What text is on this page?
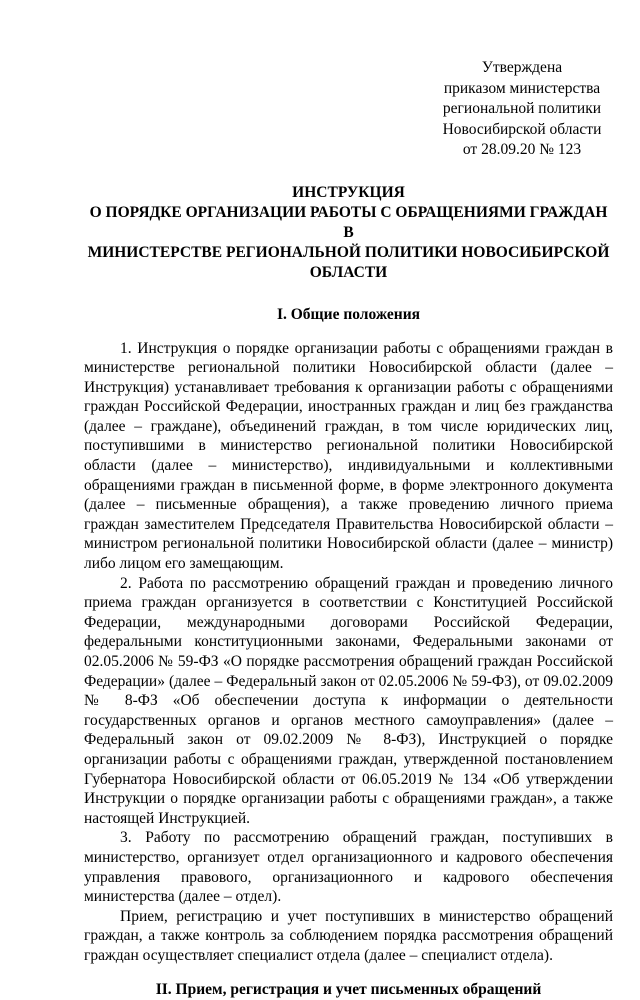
Утверждена
приказом министерства
региональной политики
Новосибирской области
от 28.09.20 № 123
ИНСТРУКЦИЯ
О ПОРЯДКЕ ОРГАНИЗАЦИИ РАБОТЫ С ОБРАЩЕНИЯМИ ГРАЖДАН В
МИНИСТЕРСТВЕ РЕГИОНАЛЬНОЙ ПОЛИТИКИ НОВОСИБИРСКОЙ
ОБЛАСТИ
I. Общие положения

1. Инструкция о порядке организации работы с обращениями граждан в министерстве региональной политики Новосибирской области (далее – Инструкция) устанавливает требования к организации работы с обращениями граждан Российской Федерации, иностранных граждан и лиц без гражданства (далее – граждане), объединений граждан, в том числе юридических лиц, поступившими в министерство региональной политики Новосибирской области (далее – министерство), индивидуальными и коллективными обращениями граждан в письменной форме, в форме электронного документа (далее – письменные обращения), а также проведению личного приема граждан заместителем Председателя Правительства Новосибирской области – министром региональной политики Новосибирской области (далее – министр) либо лицом его замещающим.

2. Работа по рассмотрению обращений граждан и проведению личного приема граждан организуется в соответствии с Конституцией Российской Федерации, международными договорами Российской Федерации, федеральными конституционными законами, Федеральными законами от 02.05.2006 № 59-ФЗ «О порядке рассмотрения обращений граждан Российской Федерации» (далее – Федеральный закон от 02.05.2006 № 59-ФЗ), от 09.02.2009 № 8-ФЗ «Об обеспечении доступа к информации о деятельности государственных органов и органов местного самоуправления» (далее – Федеральный закон от 09.02.2009 № 8-ФЗ), Инструкцией о порядке организации работы с обращениями граждан, утвержденной постановлением Губернатора Новосибирской области от 06.05.2019 № 134 «Об утверждении Инструкции о порядке организации работы с обращениями граждан», а также настоящей Инструкцией.

3. Работу по рассмотрению обращений граждан, поступивших в министерство, организует отдел организационного и кадрового обеспечения управления правового, организационного и кадрового обеспечения министерства (далее – отдел).

Прием, регистрацию и учет поступивших в министерство обращений граждан, а также контроль за соблюдением порядка рассмотрения обращений граждан осуществляет специалист отдела (далее – специалист отдела).

II. Прием, регистрация и учет письменных обращений
